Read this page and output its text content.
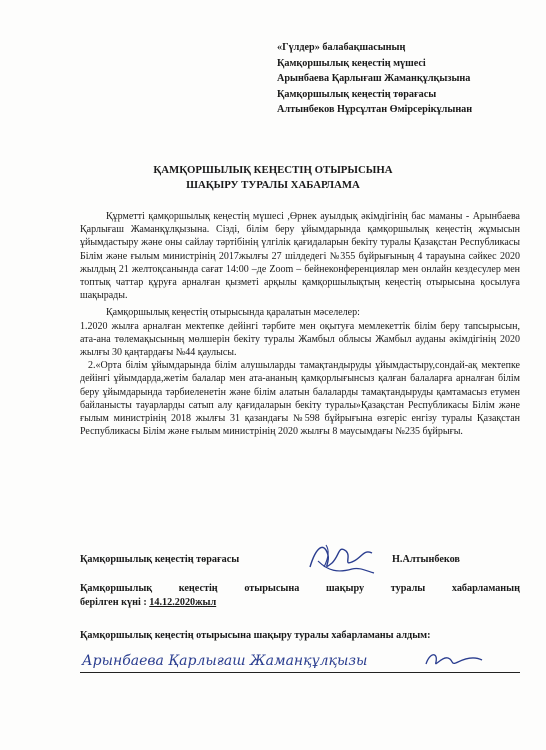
«Гүлдер» балабақшасының
Қамқоршылық кеңестің мүшесі
Арынбаева Қарлығаш Жаманқұлқызына
Қамқоршылық кеңестің төрағасы
Алтынбеков Нұрсұлтан Өмірсерікұлынан
ҚАМҚОРШЫЛЫҚ КЕҢЕСТІҢ ОТЫРЫСЫНА
ШАҚЫРУ ТУРАЛЫ ХАБАРЛАМА

Құрметті қамқоршылық кеңестің мүшесі ,Өрнек ауылдық әкімдігінің бас маманы - Арынбаева Қарлығаш Жаманқұлқызына. Сіздi, білім беру ұйымдарында қамқоршылық кеңестің жұмысын ұйымдастыру және оны сайлау тәртібінің үлгілік қағидаларын бекіту туралы Қазақстан Республикасы Білім және ғылым министрінің 2017жылғы 27 шілдедегі №355 бұйрығының 4 тарауына сәйкес 2020 жылдың 21 желтоқсанында сағат 14:00 –де Zoom – бейнеконференциялар мен онлайн кездесулер мен топтық чаттар құруға арналған қызметі арқылы қамқоршылықтың кеңестің отырысына қосылуға шақырады.

Қамқоршылық кеңестің отырысында қаралатын мәселелер:

1.2020 жылға арналған мектепке дейінгі тәрбите мен оқытуға мемлекеттік білім беру тапсырысын, ата-ана төлемақысының мөлшерін бекіту туралы Жамбыл облысы Жамбыл ауданы әкімдігінің 2020 жылғы 30 қаңтардағы №44 қаулысы.

2.«Орта білім ұйымдарында білім алушыларды тамақтандыруды ұйымдастыру,сондай-ақ мектепке дейінгі ұйымдарда,жетім балалар мен ата-ананың қамқорлығынсыз қалған балаларға арналған білім беру ұйымдарында тәрбиеленетін және білім алатын балаларды тамақтандыруды қамтамасыз етумен байланысты тауарларды сатып алу қағидаларын бекіту туралы»Қазақстан Республикасы Білім және ғылым министрінің 2018 жылғы 31 қазандағы №598 бұйрығына өзгеріс енгізу туралы Қазақстан Республикасы Білім және ғылым министрінің 2020 жылғы 8 маусымдағы №235 бұйрығы.

Қамқоршылық кеңестің төрағасы	Н.Алтынбеков
Қамқоршылық	кеңестің	отырысына	шақыру	туралы	хабарламаның
берілген күні : 14.12.2020жыл
Қамқоршылық кеңестің отырысына шақыру туралы хабарламаны алдым:
Арынбаева Қарлығаш Жаманқұлқызы
